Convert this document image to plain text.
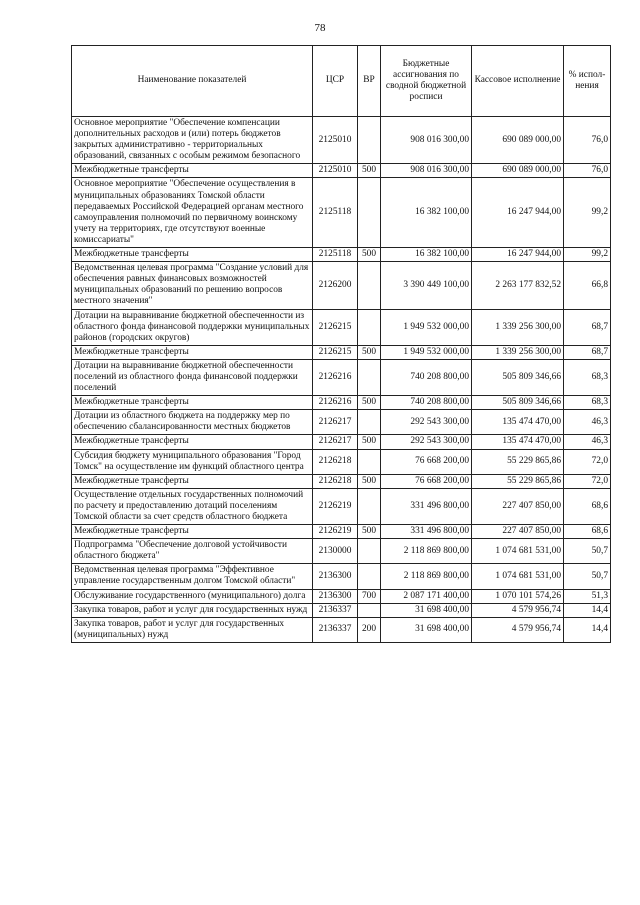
78
Наименование показателей	ЦСР	ВР	Бюджетные ассигнования по сводной бюджетной росписи	Кассовое исполнение	% испол-нения
Основное мероприятие "Обеспечение компенсации дополнительных расходов и (или) потерь бюджетов закрытых административно - территориальных образований, связанных с особым режимом безопасного	2125010		908 016 300,00	690 089 000,00	76,0
Межбюджетные трансферты	2125010	500	908 016 300,00	690 089 000,00	76,0
Основное мероприятие "Обеспечение осуществления в муниципальных образованиях Томской области передаваемых Российской Федерацией органам местного самоуправления полномочий по первичному воинскому учету на территориях, где отсутствуют военные комиссариаты"	2125118		16 382 100,00	16 247 944,00	99,2
Межбюджетные трансферты	2125118	500	16 382 100,00	16 247 944,00	99,2
Ведомственная целевая программа "Создание условий для обеспечения равных финансовых возможностей муниципальных образований по решению вопросов местного значения"	2126200		3 390 449 100,00	2 263 177 832,52	66,8
Дотации на выравнивание бюджетной обеспеченности из областного фонда финансовой поддержки муниципальных районов (городских округов)	2126215		1 949 532 000,00	1 339 256 300,00	68,7
Межбюджетные трансферты	2126215	500	1 949 532 000,00	1 339 256 300,00	68,7
Дотации на выравнивание бюджетной обеспеченности поселений из областного фонда финансовой поддержки поселений	2126216		740 208 800,00	505 809 346,66	68,3
Межбюджетные трансферты	2126216	500	740 208 800,00	505 809 346,66	68,3
Дотации из областного бюджета на поддержку мер по обеспечению сбалансированности местных бюджетов	2126217		292 543 300,00	135 474 470,00	46,3
Межбюджетные трансферты	2126217	500	292 543 300,00	135 474 470,00	46,3
Субсидия бюджету муниципального образования "Город Томск" на осуществление им функций областного центра	2126218		76 668 200,00	55 229 865,86	72,0
Межбюджетные трансферты	2126218	500	76 668 200,00	55 229 865,86	72,0
Осуществление отдельных государственных полномочий по расчету и предоставлению дотаций поселениям Томской области за счет средств областного бюджета	2126219		331 496 800,00	227 407 850,00	68,6
Межбюджетные трансферты	2126219	500	331 496 800,00	227 407 850,00	68,6
Подпрограмма "Обеспечение долговой устойчивости областного бюджета"	2130000		2 118 869 800,00	1 074 681 531,00	50,7
Ведомственная целевая программа "Эффективное управление государственным долгом Томской области"	2136300		2 118 869 800,00	1 074 681 531,00	50,7
Обслуживание государственного (муниципального) долга	2136300	700	2 087 171 400,00	1 070 101 574,26	51,3
Закупка товаров, работ и услуг для государственных нужд	2136337		31 698 400,00	4 579 956,74	14,4
Закупка товаров, работ и услуг для государственных (муниципальных) нужд	2136337	200	31 698 400,00	4 579 956,74	14,4
